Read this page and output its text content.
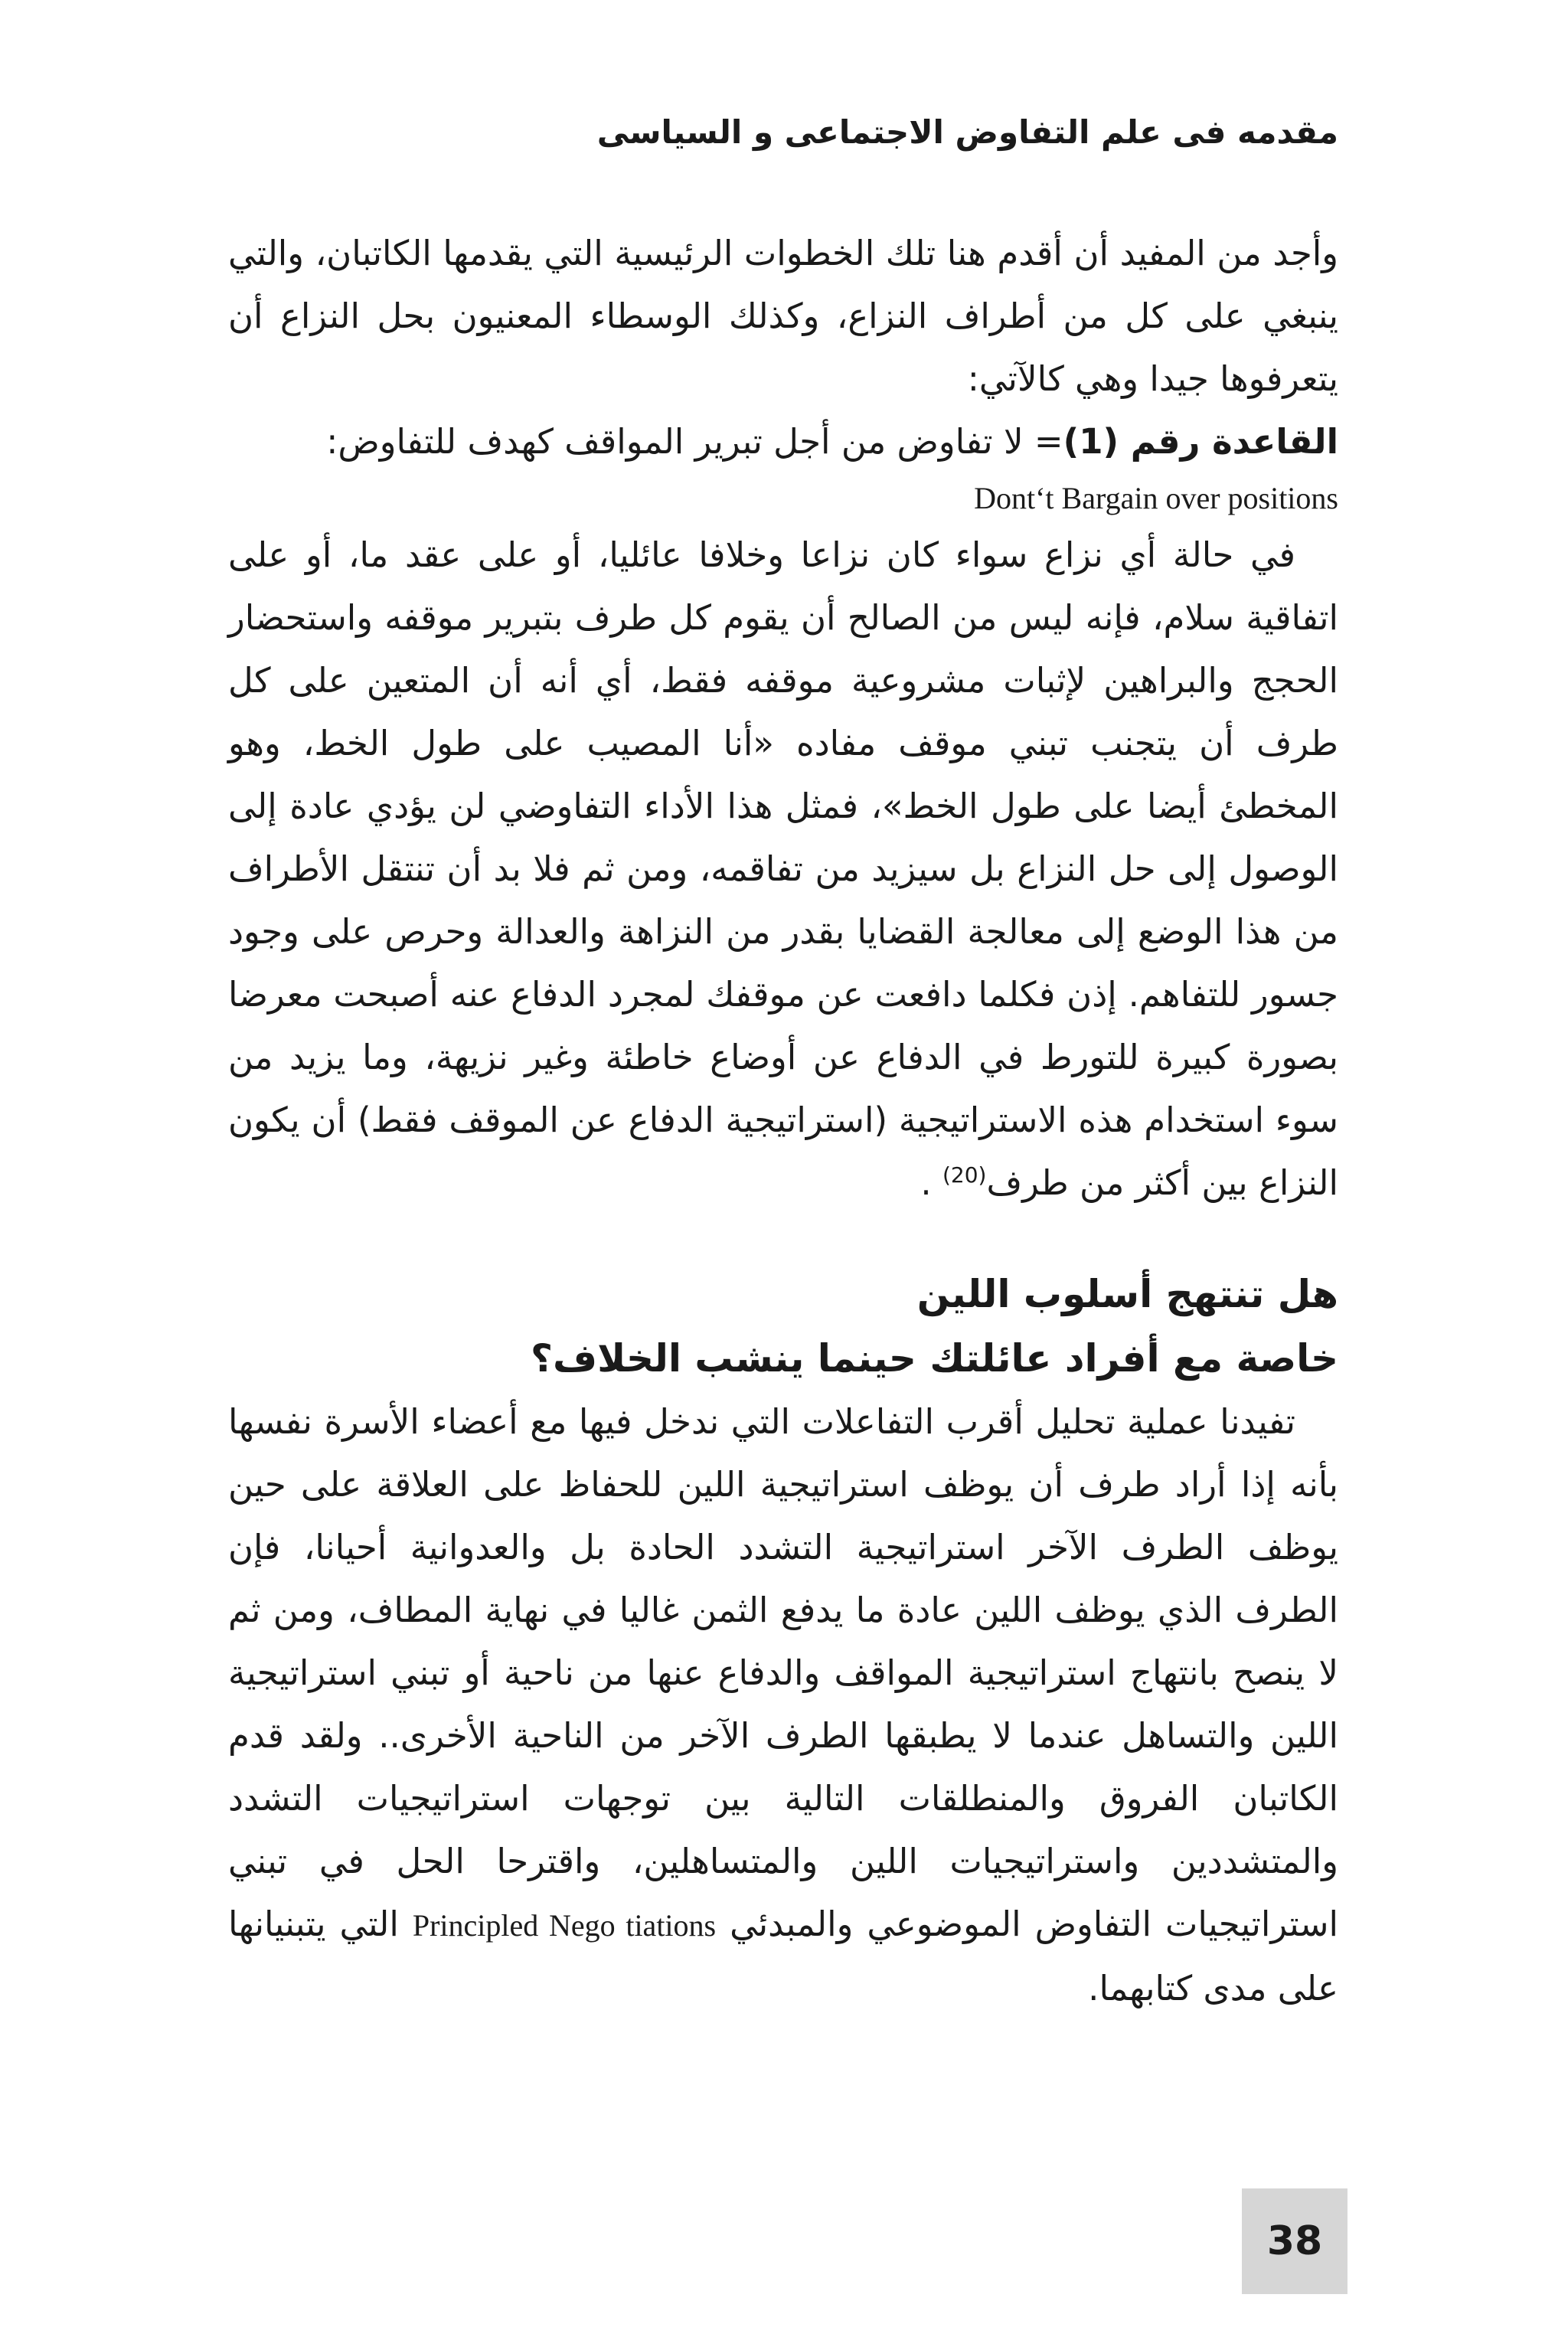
مقدمه فى علم التفاوض الاجتماعى و السياسى

وأجد من المفيد أن أقدم هنا تلك الخطوات الرئيسية التي يقدمها الكاتبان، والتي ينبغي على كل من أطراف النزاع، وكذلك الوسطاء المعنيون بحل النزاع أن يتعرفوها جيدا وهي كالآتي:

القاعدة رقم (1)= لا تفاوض من أجل تبرير المواقف كهدف للتفاوض:

Dont‘t Bargain over positions

في حالة أي نزاع سواء كان نزاعا وخلافا عائليا، أو على عقد ما، أو على اتفاقية سلام، فإنه ليس من الصالح أن يقوم كل طرف بتبرير موقفه واستحضار الحجج والبراهين لإثبات مشروعية موقفه فقط، أي أنه أن المتعين على كل طرف أن يتجنب تبني موقف مفاده «أنا المصيب على طول الخط، وهو المخطئ أيضا على طول الخط»، فمثل هذا الأداء التفاوضي لن يؤدي عادة إلى الوصول إلى حل النزاع بل سيزيد من تفاقمه، ومن ثم فلا بد أن تنتقل الأطراف من هذا الوضع إلى معالجة القضايا بقدر من النزاهة والعدالة وحرص على وجود جسور للتفاهم. إذن فكلما دافعت عن موقفك لمجرد الدفاع عنه أصبحت معرضا بصورة كبيرة للتورط في الدفاع عن أوضاع خاطئة وغير نزيهة، وما يزيد من سوء استخدام هذه الاستراتيجية (استراتيجية الدفاع عن الموقف فقط) أن يكون النزاع بين أكثر من طرف$^{(20)}$ .

هل تنتهج أسلوب اللين

خاصة مع أفراد عائلتك حينما ينشب الخلاف؟

تفيدنا عملية تحليل أقرب التفاعلات التي ندخل فيها مع أعضاء الأسرة نفسها بأنه إذا أراد طرف أن يوظف استراتيجية اللين للحفاظ على العلاقة على حين يوظف الطرف الآخر استراتيجية التشدد الحادة بل والعدوانية أحيانا، فإن الطرف الذي يوظف اللين عادة ما يدفع الثمن غاليا في نهاية المطاف، ومن ثم لا ينصح بانتهاج استراتيجية المواقف والدفاع عنها من ناحية أو تبني استراتيجية اللين والتساهل عندما لا يطبقها الطرف الآخر من الناحية الأخرى.. ولقد قدم الكاتبان الفروق والمنطلقات التالية بين توجهات استراتيجيات التشدد والمتشددين واستراتيجيات اللين والمتساهلين، واقترحا الحل في تبني استراتيجيات التفاوض الموضوعي والمبدئي Principled Nego tiations التي يتبنيانها على مدى كتابهما.

38
